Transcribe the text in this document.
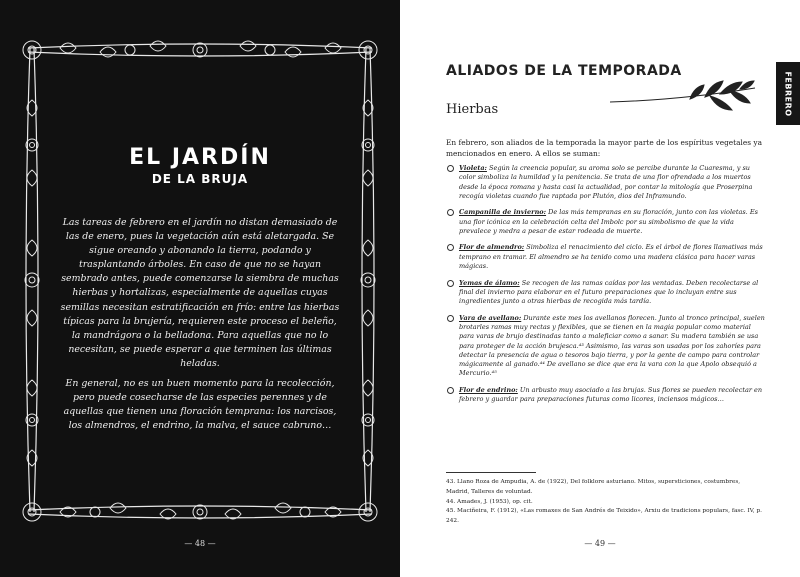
EL JARDÍN
DE LA BRUJA

Las tareas de febrero en el jardín no distan demasiado de las de enero, pues la vegetación aún está aletargada. Se sigue oreando y abonando la tierra, podando y trasplantando árboles. En caso de que no se hayan sembrado antes, puede comenzarse la siembra de muchas hierbas y hortalizas, especialmente de aquellas cuyas semillas necesitan estratificación en frío: entre las hierbas típicas para la brujería, requieren este proceso el beleño, la mandrágora o la belladona. Para aquellas que no lo necesitan, se puede esperar a que terminen las últimas heladas.

En general, no es un buen momento para la recolección, pero puede cosecharse de las especies perennes y de aquellas que tienen una floración temprana: los narcisos, los almendros, el endrino, la malva, el sauce cabruno…

— 48 —
ALIADOS DE LA TEMPORADA	FEBRERO
Hierbas

En febrero, son aliados de la temporada la mayor parte de los espíritus vegetales ya mencionados en enero. A ellos se suman:

Violeta: Según la creencia popular, su aroma solo se percibe durante la Cuaresma, y su color simboliza la humildad y la penitencia. Se trata de una flor ofrendada a los muertos desde la época romana y hasta casi la actualidad, por contar la mitología que Proserpina recogía violetas cuando fue raptada por Plutón, dios del Inframundo.
Campanilla de invierno: De las más tempranas en su floración, junto con las violetas. Es una flor icónica en la celebración celta del Imbolc por su simbolismo de que la vida prevalece y medra a pesar de estar rodeada de muerte.
Flor de almendro: Simboliza el renacimiento del ciclo. Es el árbol de flores llamativas más temprano en tramar. El almendro se ha tenido como una madera clásica para hacer varas mágicas.
Yemas de álamo: Se recogen de las ramas caídas por las ventadas. Deben recolectarse al final del invierno para elaborar en el futuro preparaciones que lo incluyan entre sus ingredientes junto a otras hierbas de recogida más tardía.
Vara de avellano: Durante este mes los avellanos florecen. Junto al tronco principal, suelen brotarles ramas muy rectas y flexibles, que se tienen en la magia popular como material para varas de brujo destinadas tanto a maleficiar como a sanar. Su madera también se usa para proteger de la acción brujesca.⁴³ Asimismo, las varas son usadas por los zahoríes para detectar la presencia de agua o tesoros bajo tierra, y por la gente de campo para controlar mágicamente al ganado.⁴⁴ De avellano se dice que era la vara con la que Apolo obsequió a Mercurio.⁴⁵
Flor de endrino: Un arbusto muy asociado a las brujas. Sus flores se pueden recolectar en febrero y guardar para preparaciones futuras como licores, inciensos mágicos…
43. Llano Roza de Ampudia, A. de (1922), Del folklore asturiano. Mitos, supersticiones, costumbres, Madrid, Talleres de voluntad.
44. Amades, J. (1953), op. cit.
45. Maciñeira, F. (1912), «Las romaxes de San Andrés de Teixido», Arxiu de tradicions populars, fasc. IV, p. 242.
— 49 —
